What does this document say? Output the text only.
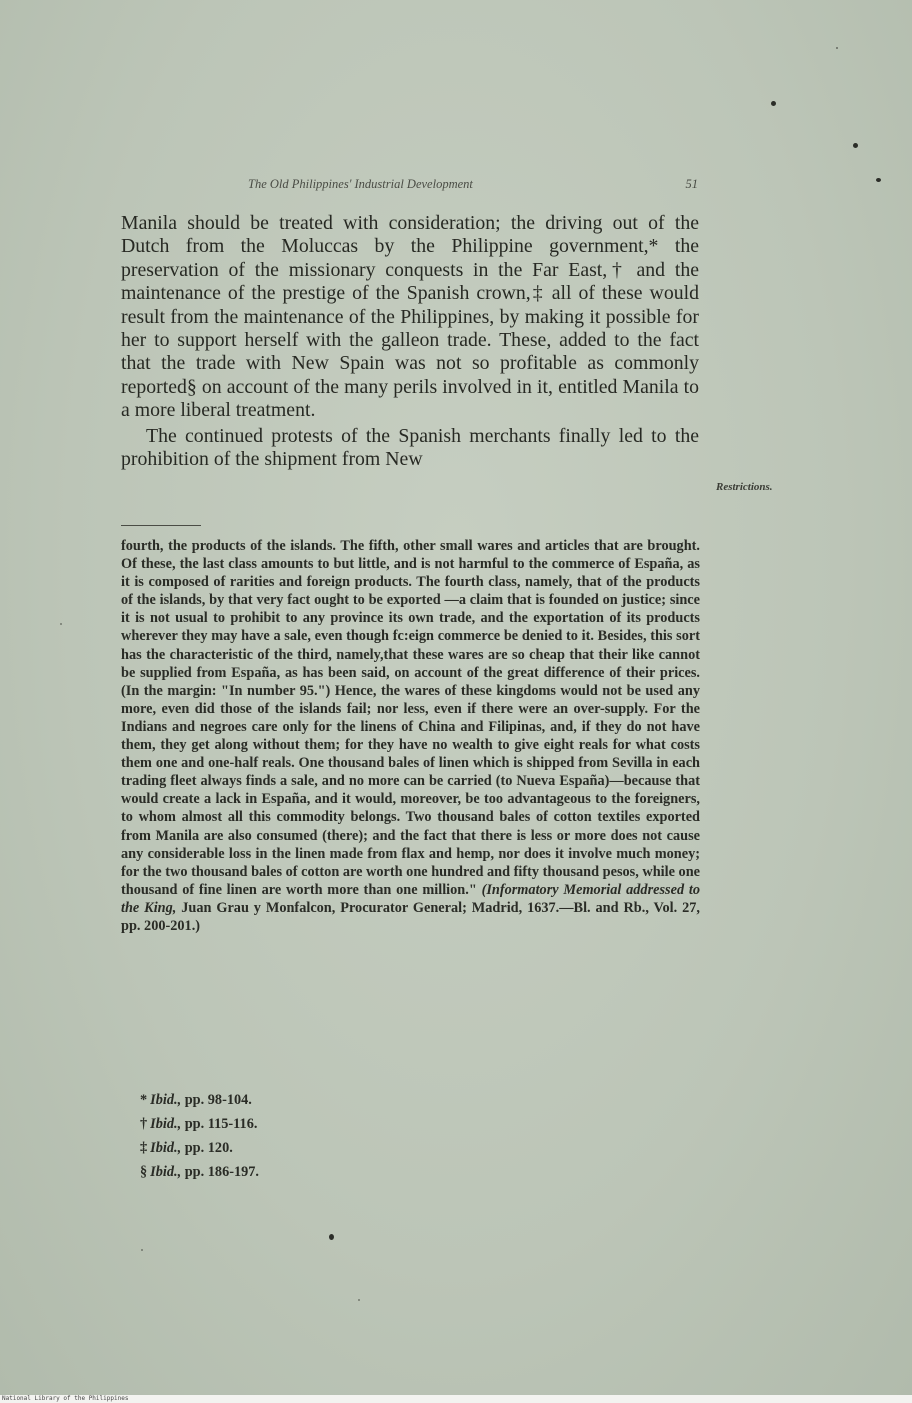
The Old Philippines' Industrial Development	51

Manila should be treated with consideration; the driving out of the Dutch from the Moluccas by the Philippine government,* the preservation of the missionary conquests in the Far East,† and the maintenance of the prestige of the Spanish crown,‡ all of these would result from the maintenance of the Philippines, by making it possible for her to support herself with the galleon trade. These, added to the fact that the trade with New Spain was not so profitable as commonly reported§ on account of the many perils involved in it, entitled Manila to a more liberal treatment.

The continued protests of the Spanish merchants finally led to the prohibition of the shipment from New

Restrictions.

fourth, the products of the islands. The fifth, other small wares and articles that are brought. Of these, the last class amounts to but little, and is not harmful to the commerce of España, as it is composed of rarities and foreign products. The fourth class, namely, that of the products of the islands, by that very fact ought to be exported —a claim that is founded on justice; since it is not usual to prohibit to any province its own trade, and the exportation of its products wherever they may have a sale, even though fc:eign commerce be denied to it. Besides, this sort has the characteristic of the third, namely,that these wares are so cheap that their like cannot be supplied from España, as has been said, on account of the great difference of their prices. (In the margin: "In number 95.") Hence, the wares of these kingdoms would not be used any more, even did those of the islands fail; nor less, even if there were an over-supply. For the Indians and negroes care only for the linens of China and Filipinas, and, if they do not have them, they get along without them; for they have no wealth to give eight reals for what costs them one and one-half reals. One thousand bales of linen which is shipped from Sevilla in each trading fleet always finds a sale, and no more can be carried (to Nueva España)—because that would create a lack in España, and it would, moreover, be too advantageous to the foreigners, to whom almost all this commodity belongs. Two thousand bales of cotton textiles exported from Manila are also consumed (there); and the fact that there is less or more does not cause any considerable loss in the linen made from flax and hemp, nor does it involve much money; for the two thousand bales of cotton are worth one hundred and fifty thousand pesos, while one thousand of fine linen are worth more than one million." (Informatory Memorial addressed to the King, Juan Grau y Monfalcon, Procurator General; Madrid, 1637.—Bl. and Rb., Vol. 27, pp. 200-201.)

* Ibid., pp. 98-104.
† Ibid., pp. 115-116.
‡ Ibid., pp. 120.
§ Ibid., pp. 186-197.
National Library of the Philippines
